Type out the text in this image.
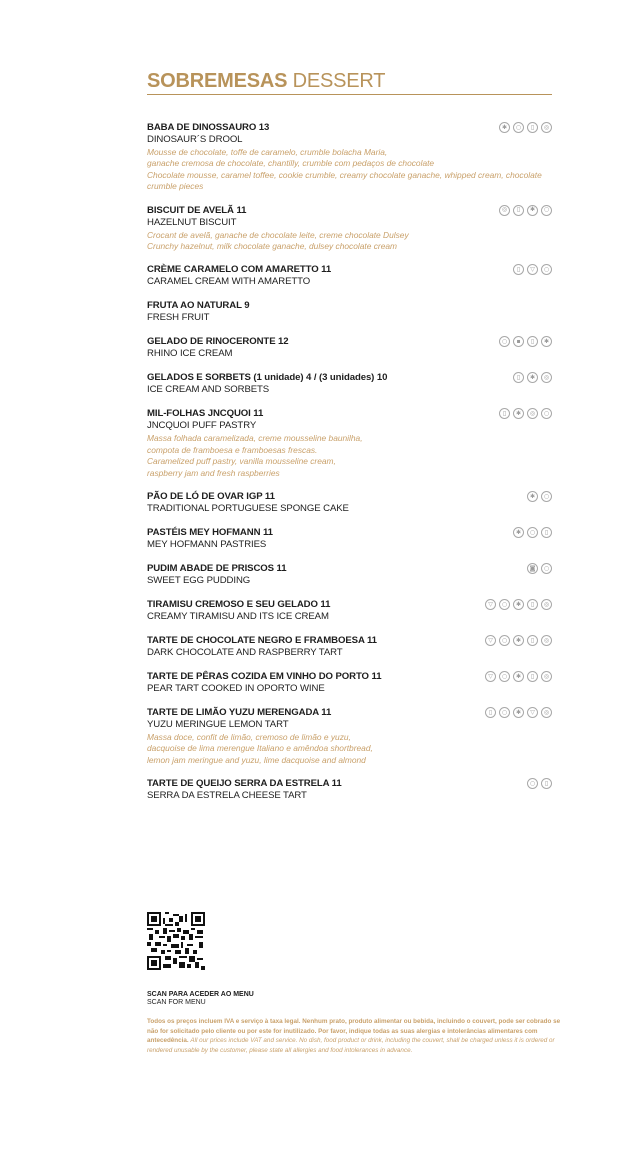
SOBREMESAS DESSERT
BABA DE DINOSSAURO 13
DINOSAUR´S DROOL
Mousse de chocolate, toffe de caramelo, crumble bolacha Maria,
ganache cremosa de chocolate, chantilly, crumble com pedaços de chocolate
Chocolate mousse, caramel toffee, cookie crumble, creamy chocolate ganache, whipped cream, chocolate crumble pieces
✱	○	▯	◎
BISCUIT DE AVELÃ 11
HAZELNUT BISCUIT
Crocant de avelã, ganache de chocolate leite, creme chocolate Dulsey
Crunchy hazelnut, milk chocolate ganache, dulsey chocolate cream
◎	▯	✱	○
CRÈME CARAMELO COM AMARETTO 11
CARAMEL CREAM WITH AMARETTO
▯	▽	○
FRUTA AO NATURAL 9
FRESH FRUIT
GELADO DE RINOCERONTE 12
RHINO ICE CREAM
○	▪	▯	✱
GELADOS E SORBETS (1 unidade) 4 / (3 unidades) 10
ICE CREAM AND SORBETS
▯	✱	◎
MIL-FOLHAS JNCQUOI 11
JNCQUOI PUFF PASTRY
Massa folhada caramelizada, creme mousseline baunilha,
compota de framboesa e framboesas frescas.
Caramelized puff pastry, vanilla mousseline cream,
raspberry jam and fresh raspberries
▯	✱	◎	○
PÃO DE LÓ DE OVAR IGP 11
TRADITIONAL PORTUGUESE SPONGE CAKE
✱	○
PASTÉIS MEY HOFMANN 11
MEY HOFMANN PASTRIES
✱	○	▯
PUDIM ABADE DE PRISCOS 11
SWEET EGG PUDDING
◙	○
TIRAMISU CREMOSO E SEU GELADO 11
CREAMY TIRAMISU AND ITS ICE CREAM
▽	○	✱	▯	◎
TARTE DE CHOCOLATE NEGRO E FRAMBOESA 11
DARK CHOCOLATE AND RASPBERRY TART
▽	○	✱	▯	◎
TARTE DE PÊRAS COZIDA EM VINHO DO PORTO 11
PEAR TART COOKED IN OPORTO WINE
▽	○	✱	▯	◎
TARTE DE LIMÃO YUZU MERENGADA 11
YUZU MERINGUE LEMON TART
Massa doce, confit de limão, cremoso de limão e yuzu,
dacquoise de lima merengue Italiano e amêndoa shortbread,
lemon jam meringue and yuzu, lime dacquoise and almond
▯	○	✱	▽	◎
TARTE DE QUEIJO SERRA DA ESTRELA 11
SERRA DA ESTRELA CHEESE TART
○	▯
SCAN PARA ACEDER AO MENU
SCAN FOR MENU
Todos os preços incluem IVA e serviço à taxa legal. Nenhum prato, produto alimentar ou bebida, incluindo o couvert, pode ser cobrado se não for solicitado pelo cliente ou por este for inutilizado. Por favor, indique todas as suas alergias e intolerâncias alimentares com antecedência. All our prices include VAT and service. No dish, food product or drink, including the couvert, shall be charged unless it is ordered or rendered unusable by the customer, please state all allergies and food intolerances in advance.
